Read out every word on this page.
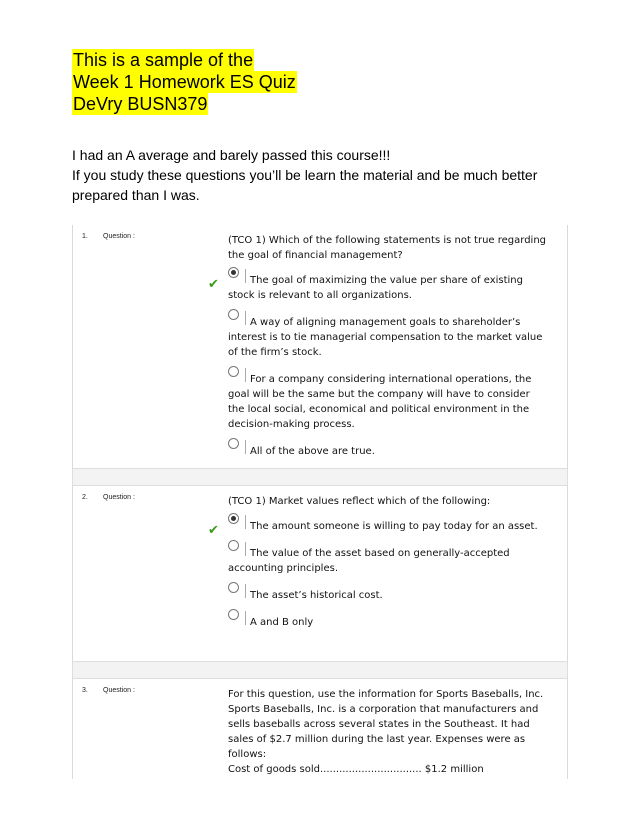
This is a sample of the
Week 1 Homework ES Quiz
DeVry BUSN379
I had an A average and barely passed this course!!!
If you study these questions you’ll be learn the material and be much better prepared than I was.
1. Question :	(TCO 1) Which of the following statements is not true regarding the goal of financial management?
✔	The goal of maximizing the value per share of existing stock is relevant to all organizations.
A way of aligning management goals to shareholder’s interest is to tie managerial compensation to the market value of the firm’s stock.
For a company considering international operations, the goal will be the same but the company will have to consider the local social, economical and political environment in the decision-making process.
All of the above are true.
2. Question :	(TCO 1) Market values reflect which of the following:
✔	The amount someone is willing to pay today for an asset.
The value of the asset based on generally-accepted accounting principles.
The asset’s historical cost.
A and B only
3. Question :	For this question, use the information for Sports Baseballs, Inc. Sports Baseballs, Inc. is a corporation that manufacturers and sells baseballs across several states in the Southeast. It had sales of $2.7 million during the last year. Expenses were as follows:
Cost of goods sold................................ $1.2 million
